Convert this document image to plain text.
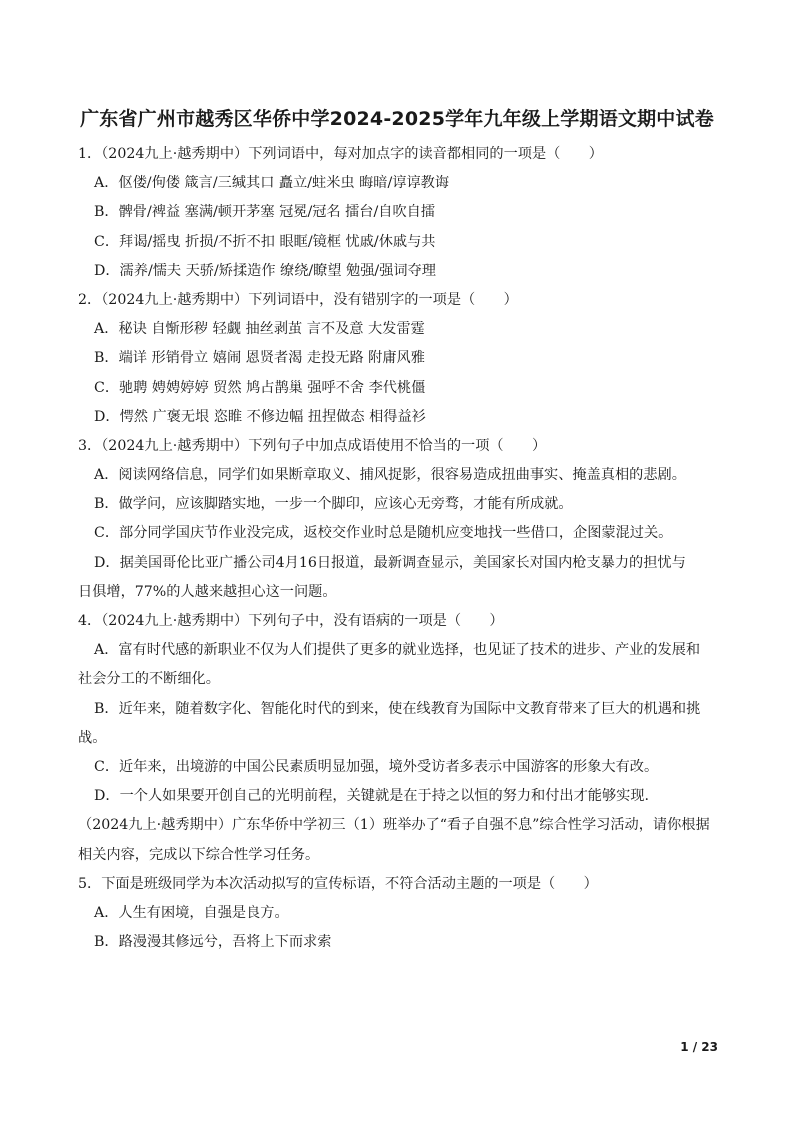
广东省广州市越秀区华侨中学2024-2025学年九年级上学期语文期中试卷
1．（2024九上·越秀期中）下列词语中，每对加点字的读音都相同的一项是（　　）
A．伛偻/佝偻 箴言/三缄其口 矗立/蛀米虫 晦暗/谆谆教诲
B．髀骨/裨益 塞满/顿开茅塞 冠冕/冠名 擂台/自吹自擂
C．拜谒/摇曳 折损/不折不扣 眼眶/镜框 忧戚/休戚与共
D．濡养/懦夫 天骄/矫揉造作 缭绕/瞭望 勉强/强词夺理
2．（2024九上·越秀期中）下列词语中，没有错别字的一项是（　　）
A．秘诀 自惭形秽 轻觑 抽丝剥茧 言不及意 大发雷霆
B．端详 形销骨立 嬉闹 恩贤者渴 走投无路 附庸风雅
C．驰聘 娉娉婷婷 贸然 鸠占鹊巢 强呼不舍 李代桃僵
D．愕然 广褒无垠 恣睢 不修边幅 扭捏做态 相得益衫
3．（2024九上·越秀期中）下列句子中加点成语使用不恰当的一项（　　）
A．阅读网络信息，同学们如果断章取义、捕风捉影，很容易造成扭曲事实、掩盖真相的悲剧。
B．做学问，应该脚踏实地，一步一个脚印，应该心无旁骛，才能有所成就。
C．部分同学国庆节作业没完成，返校交作业时总是随机应变地找一些借口，企图蒙混过关。
D．据美国哥伦比亚广播公司4月16日报道，最新调查显示，美国家长对国内枪支暴力的担忧与
日俱增，77%的人越来越担心这一问题。
4．（2024九上·越秀期中）下列句子中，没有语病的一项是（　　）
A．富有时代感的新职业不仅为人们提供了更多的就业选择，也见证了技术的进步、产业的发展和
社会分工的不断细化。
B．近年来，随着数字化、智能化时代的到来，使在线教育为国际中文教育带来了巨大的机遇和挑
战。
C．近年来，出境游的中国公民素质明显加强，境外受访者多表示中国游客的形象大有改。
D．一个人如果要开创自己的光明前程，关键就是在于持之以恒的努力和付出才能够实现.
（2024九上·越秀期中）广东华侨中学初三（1）班举办了“看子自强不息”综合性学习活动，请你根据
相关内容，完成以下综合性学习任务。
5．下面是班级同学为本次活动拟写的宣传标语，不符合活动主题的一项是（　　）
A．人生有困境，自强是良方。
B．路漫漫其修远兮，吾将上下而求索
1 / 23
